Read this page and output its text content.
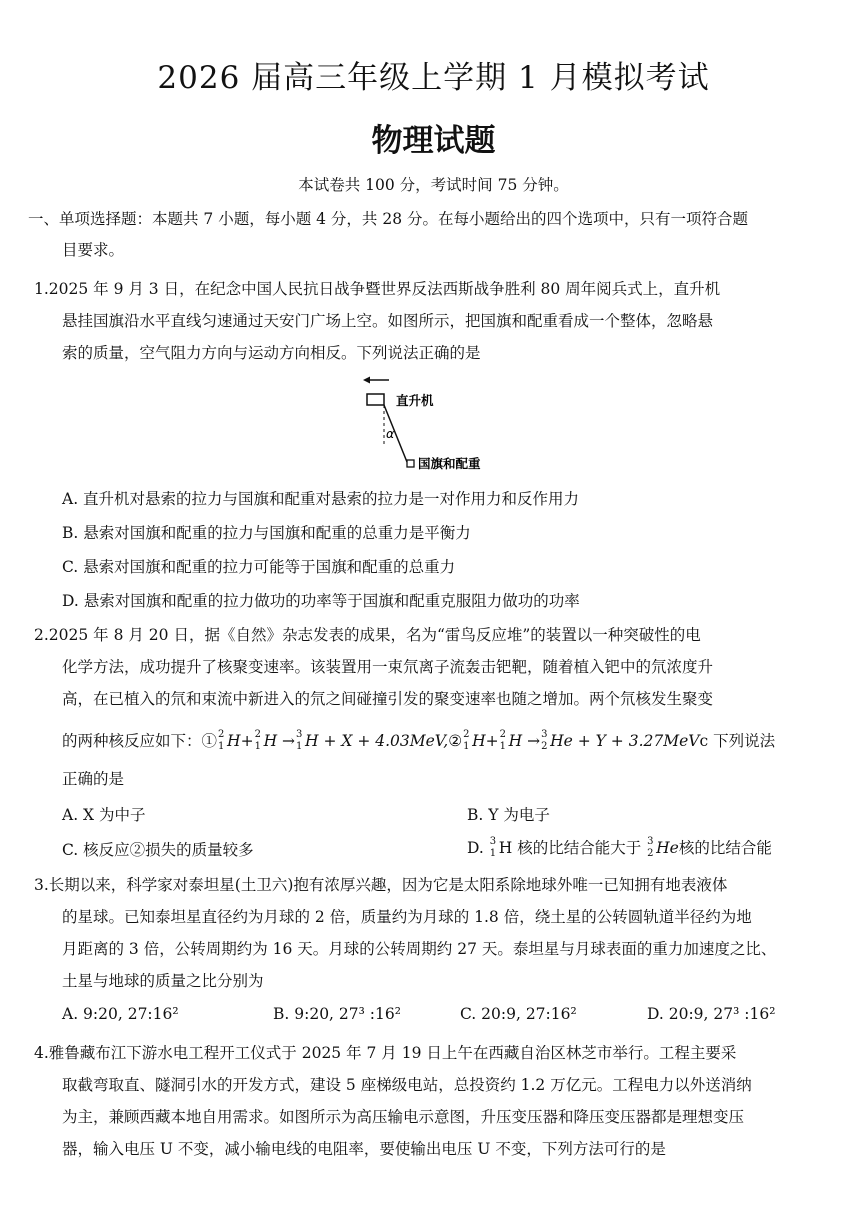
2026 届高三年级上学期 1 月模拟考试
物理试题
本试卷共 100 分，考试时间 75 分钟。
一、单项选择题：本题共 7 小题，每小题 4 分，共 28 分。在每小题给出的四个选项中，只有一项符合题
目要求。
1.2025 年 9 月 3 日，在纪念中国人民抗日战争暨世界反法西斯战争胜利 80 周年阅兵式上，直升机
悬挂国旗沿水平直线匀速通过天安门广场上空。如图所示，把国旗和配重看成一个整体，忽略悬
索的质量，空气阻力方向与运动方向相反。下列说法正确的是
直升机
α
国旗和配重
A. 直升机对悬索的拉力与国旗和配重对悬索的拉力是一对作用力和反作用力
B. 悬索对国旗和配重的拉力与国旗和配重的总重力是平衡力
C. 悬索对国旗和配重的拉力可能等于国旗和配重的总重力
D. 悬索对国旗和配重的拉力做功的功率等于国旗和配重克服阻力做功的功率
2.2025 年 8 月 20 日，据《自然》杂志发表的成果，名为“雷鸟反应堆”的装置以一种突破性的电
化学方法，成功提升了核聚变速率。该装置用一束氘离子流轰击钯靶，随着植入钯中的氘浓度升
高，在已植入的氘和束流中新进入的氘之间碰撞引发的聚变速率也随之增加。两个氘核发生聚变
的两种核反应如下：① 2
1 H+ 2
1 H → 3
1 H + X + 4.03MeV,② 2
1 H+ 2
1 H → 3
2 He + Y + 3.27MeVc 下列说法
正确的是
A. X 为中子	B. Y 为电子
C. 核反应②损失的质量较多	D. 3
1 H 核的比结合能大于 3
2 He核的比结合能
3.长期以来，科学家对泰坦星(土卫六)抱有浓厚兴趣，因为它是太阳系除地球外唯一已知拥有地表液体
的星球。已知泰坦星直径约为月球的 2 倍，质量约为月球的 1.8 倍，绕土星的公转圆轨道半径约为地
月距离的 3 倍，公转周期约为 16 天。月球的公转周期约 27 天。泰坦星与月球表面的重力加速度之比、
土星与地球的质量之比分别为
A. 9:20, 27:16²	B. 9:20, 27³ :16²	C. 20:9, 27:16²	D. 20:9, 27³ :16²
4.雅鲁藏布江下游水电工程开工仪式于 2025 年 7 月 19 日上午在西藏自治区林芝市举行。工程主要采
取截弯取直、隧洞引水的开发方式，建设 5 座梯级电站，总投资约 1.2 万亿元。工程电力以外送消纳
为主，兼顾西藏本地自用需求。如图所示为高压输电示意图，升压变压器和降压变压器都是理想变压
器，输入电压 U 不变，减小输电线的电阻率，要使输出电压 U 不变，下列方法可行的是
